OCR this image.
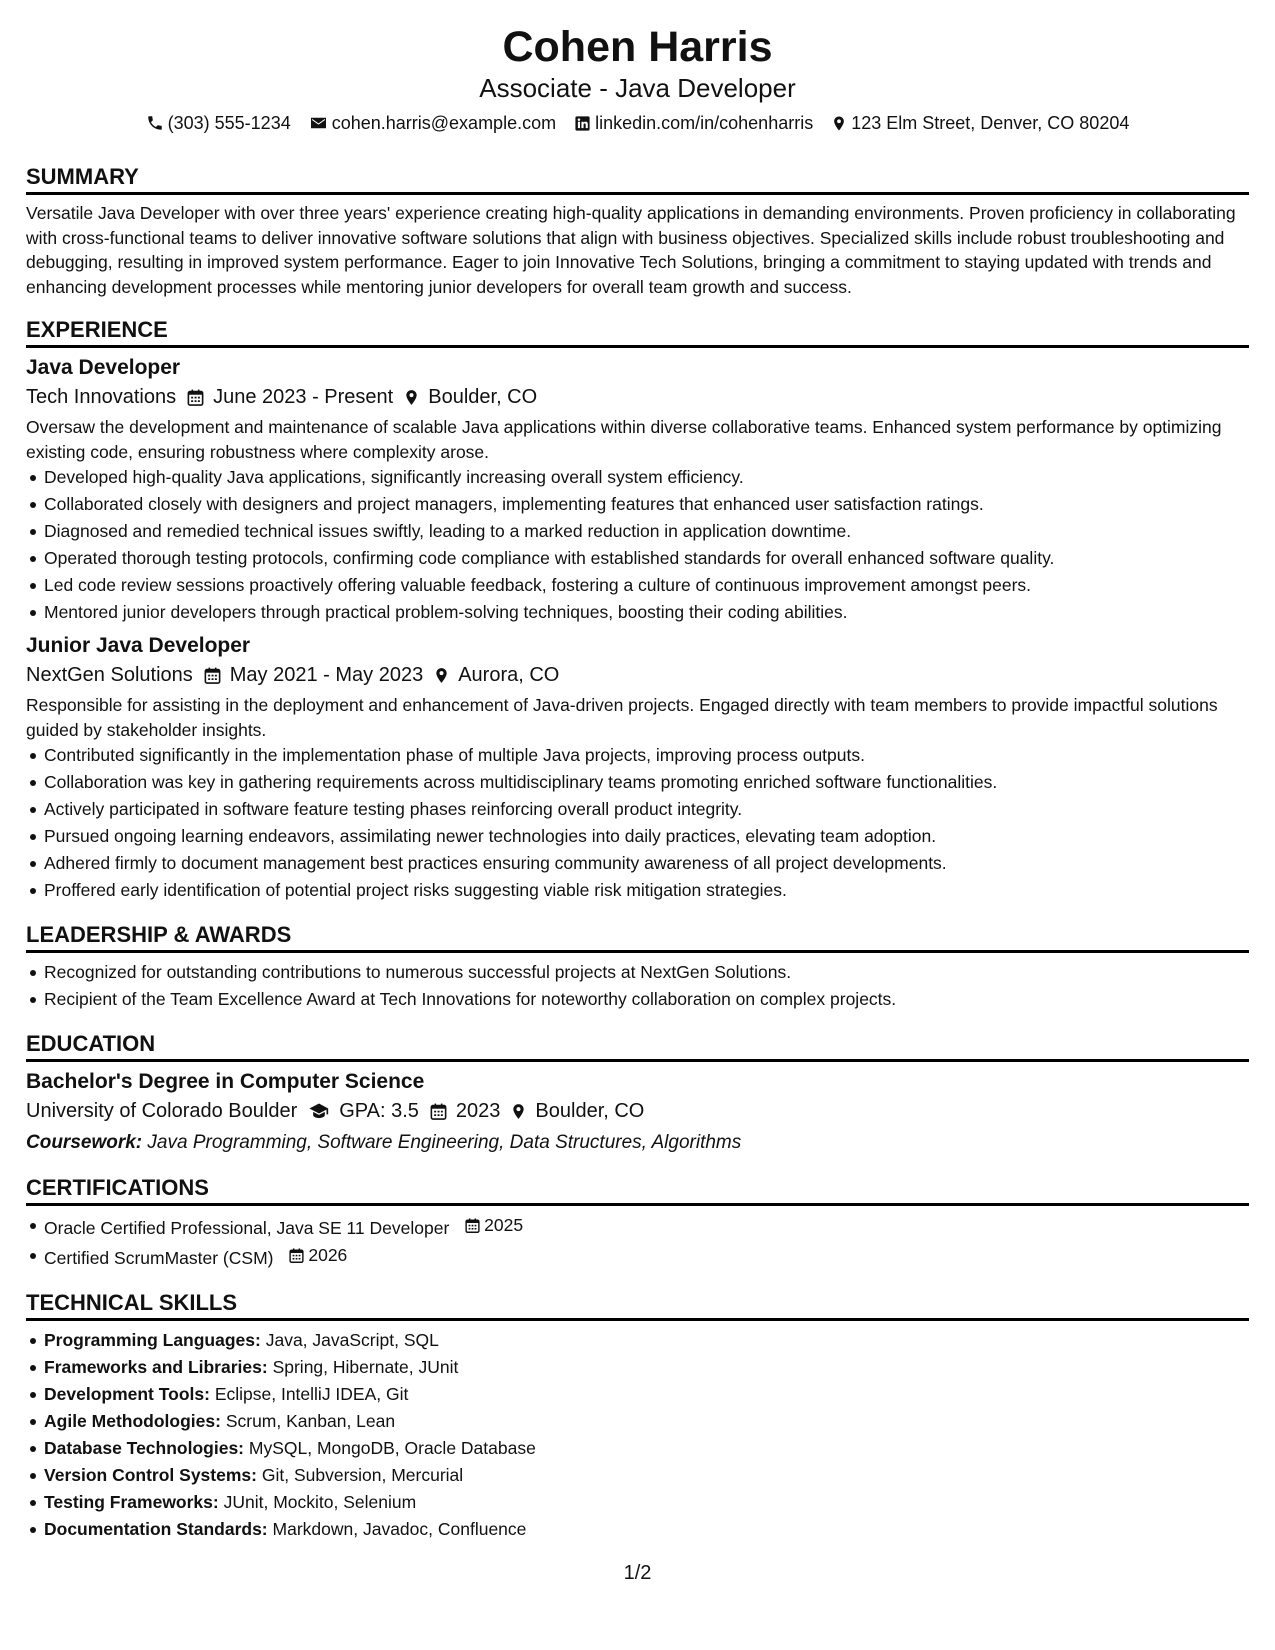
Cohen Harris
Associate - Java Developer
(303) 555-1234 cohen.harris@example.com linkedin.com/in/cohenharris 123 Elm Street, Denver, CO 80204
SUMMARY

Versatile Java Developer with over three years' experience creating high-quality applications in demanding environments. Proven proficiency in collaborating with cross-functional teams to deliver innovative software solutions that align with business objectives. Specialized skills include robust troubleshooting and debugging, resulting in improved system performance. Eager to join Innovative Tech Solutions, bringing a commitment to staying updated with trends and enhancing development processes while mentoring junior developers for overall team growth and success.

EXPERIENCE
Java Developer
Tech Innovations June 2023 - Present Boulder, CO

Oversaw the development and maintenance of scalable Java applications within diverse collaborative teams. Enhanced system performance by optimizing existing code, ensuring robustness where complexity arose.

Developed high-quality Java applications, significantly increasing overall system efficiency.
Collaborated closely with designers and project managers, implementing features that enhanced user satisfaction ratings.
Diagnosed and remedied technical issues swiftly, leading to a marked reduction in application downtime.
Operated thorough testing protocols, confirming code compliance with established standards for overall enhanced software quality.
Led code review sessions proactively offering valuable feedback, fostering a culture of continuous improvement amongst peers.
Mentored junior developers through practical problem-solving techniques, boosting their coding abilities.
Junior Java Developer
NextGen Solutions May 2021 - May 2023 Aurora, CO

Responsible for assisting in the deployment and enhancement of Java-driven projects. Engaged directly with team members to provide impactful solutions guided by stakeholder insights.

Contributed significantly in the implementation phase of multiple Java projects, improving process outputs.
Collaboration was key in gathering requirements across multidisciplinary teams promoting enriched software functionalities.
Actively participated in software feature testing phases reinforcing overall product integrity.
Pursued ongoing learning endeavors, assimilating newer technologies into daily practices, elevating team adoption.
Adhered firmly to document management best practices ensuring community awareness of all project developments.
Proffered early identification of potential project risks suggesting viable risk mitigation strategies.
LEADERSHIP & AWARDS
Recognized for outstanding contributions to numerous successful projects at NextGen Solutions.
Recipient of the Team Excellence Award at Tech Innovations for noteworthy collaboration on complex projects.
EDUCATION
Bachelor's Degree in Computer Science
University of Colorado Boulder GPA: 3.5 2023 Boulder, CO
Coursework: Java Programming, Software Engineering, Data Structures, Algorithms
CERTIFICATIONS
Oracle Certified Professional, Java SE 11 Developer 2025
Certified ScrumMaster (CSM) 2026
TECHNICAL SKILLS
Programming Languages: Java, JavaScript, SQL
Frameworks and Libraries: Spring, Hibernate, JUnit
Development Tools: Eclipse, IntelliJ IDEA, Git
Agile Methodologies: Scrum, Kanban, Lean
Database Technologies: MySQL, MongoDB, Oracle Database
Version Control Systems: Git, Subversion, Mercurial
Testing Frameworks: JUnit, Mockito, Selenium
Documentation Standards: Markdown, Javadoc, Confluence
1/2
